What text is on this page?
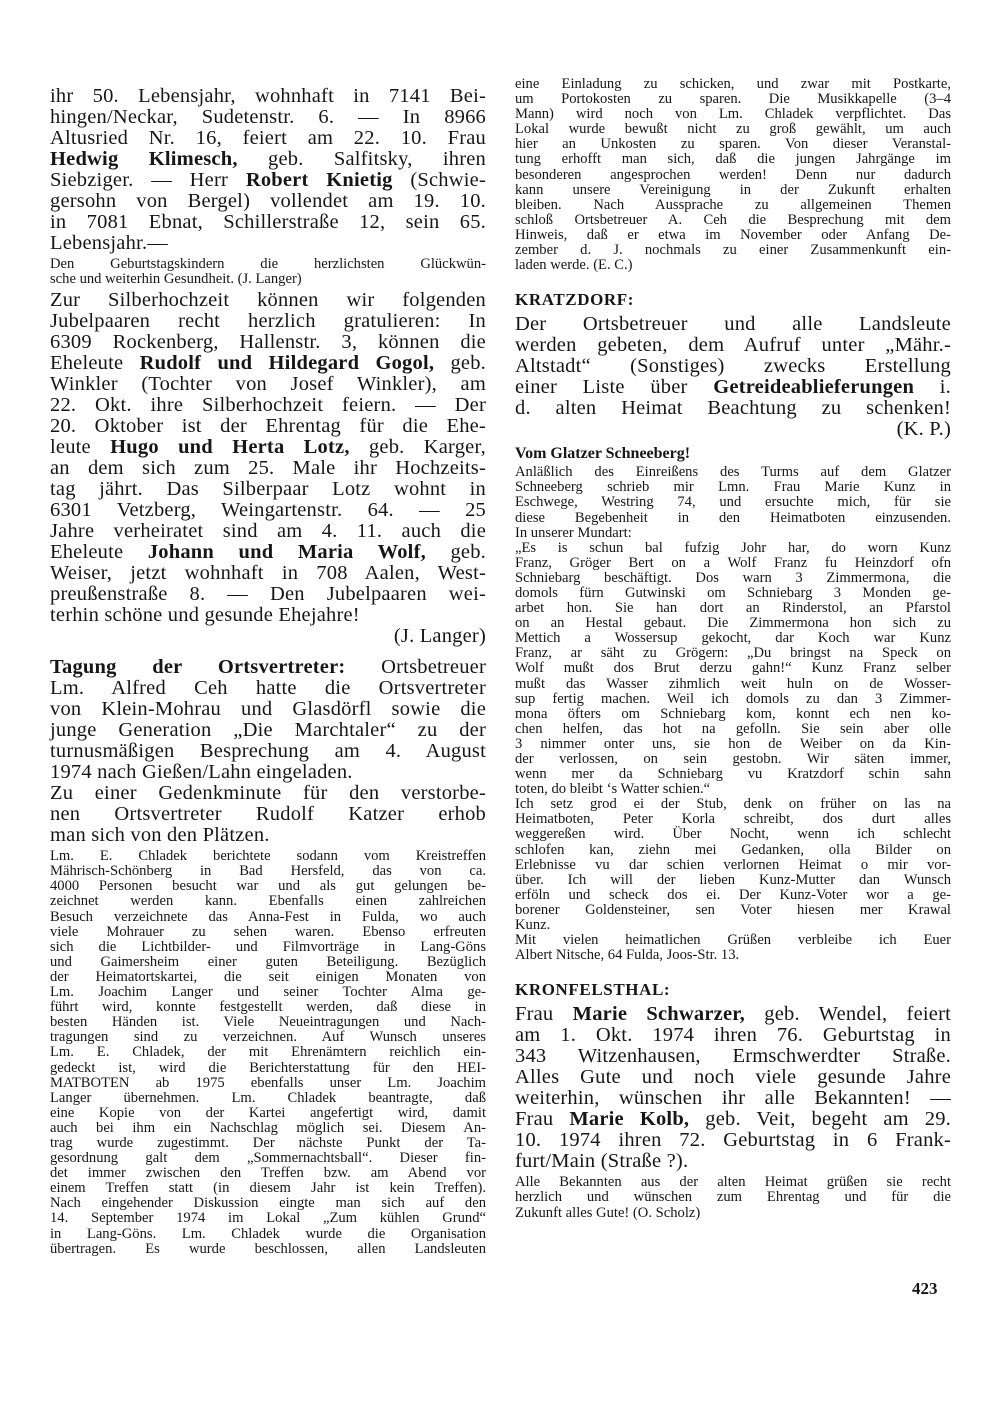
ihr 50. Lebensjahr, wohnhaft in 7141 Bei-
hingen/Neckar, Sudetenstr. 6. — In 8966
Altusried Nr. 16, feiert am 22. 10. Frau
Hedwig Klimesch, geb. Salfitsky, ihren
Siebziger. — Herr Robert Knietig (Schwie-
gersohn von Bergel) vollendet am 19. 10.
in 7081 Ebnat, Schillerstraße 12, sein 65.
Lebensjahr.—
Den Geburtstagskindern die herzlichsten Glückwün-
sche und weiterhin Gesundheit. (J. Langer)
Zur Silberhochzeit können wir folgenden
Jubelpaaren recht herzlich gratulieren: In
6309 Rockenberg, Hallenstr. 3, können die
Eheleute Rudolf und Hildegard Gogol, geb.
Winkler (Tochter von Josef Winkler), am
22. Okt. ihre Silberhochzeit feiern. — Der
20. Oktober ist der Ehrentag für die Ehe-
leute Hugo und Herta Lotz, geb. Karger,
an dem sich zum 25. Male ihr Hochzeits-
tag jährt. Das Silberpaar Lotz wohnt in
6301 Vetzberg, Weingartenstr. 64. — 25
Jahre verheiratet sind am 4. 11. auch die
Eheleute Johann und Maria Wolf, geb.
Weiser, jetzt wohnhaft in 708 Aalen, West-
preußenstraße 8. — Den Jubelpaaren wei-
terhin schöne und gesunde Ehejahre!
(J. Langer)
Tagung der Ortsvertreter: Ortsbetreuer
Lm. Alfred Ceh hatte die Ortsvertreter
von Klein-Mohrau und Glasdörfl sowie die
junge Generation „Die Marchtaler“ zu der
turnusmäßigen Besprechung am 4. August
1974 nach Gießen/Lahn eingeladen.
Zu einer Gedenkminute für den verstorbe-
nen Ortsvertreter Rudolf Katzer erhob
man sich von den Plätzen.
Lm. E. Chladek berichtete sodann vom Kreistreffen
Mährisch-Schönberg in Bad Hersfeld, das von ca.
4000 Personen besucht war und als gut gelungen be-
zeichnet werden kann. Ebenfalls einen zahlreichen
Besuch verzeichnete das Anna-Fest in Fulda, wo auch
viele Mohrauer zu sehen waren. Ebenso erfreuten
sich die Lichtbilder- und Filmvorträge in Lang-Göns
und Gaimersheim einer guten Beteiligung. Bezüglich
der Heimatortskartei, die seit einigen Monaten von
Lm. Joachim Langer und seiner Tochter Alma ge-
führt wird, konnte festgestellt werden, daß diese in
besten Händen ist. Viele Neueintragungen und Nach-
tragungen sind zu verzeichnen. Auf Wunsch unseres
Lm. E. Chladek, der mit Ehrenämtern reichlich ein-
gedeckt ist, wird die Berichterstattung für den HEI-
MATBOTEN ab 1975 ebenfalls unser Lm. Joachim
Langer übernehmen. Lm. Chladek beantragte, daß
eine Kopie von der Kartei angefertigt wird, damit
auch bei ihm ein Nachschlag möglich sei. Diesem An-
trag wurde zugestimmt. Der nächste Punkt der Ta-
gesordnung galt dem „Sommernachtsball“. Dieser fin-
det immer zwischen den Treffen bzw. am Abend vor
einem Treffen statt (in diesem Jahr ist kein Treffen).
Nach eingehender Diskussion eingte man sich auf den
14. September 1974 im Lokal „Zum kühlen Grund“
in Lang-Göns. Lm. Chladek wurde die Organisation
übertragen. Es wurde beschlossen, allen Landsleuten
eine Einladung zu schicken, und zwar mit Postkarte,
um Portokosten zu sparen. Die Musikkapelle (3–4
Mann) wird noch von Lm. Chladek verpflichtet. Das
Lokal wurde bewußt nicht zu groß gewählt, um auch
hier an Unkosten zu sparen. Von dieser Veranstal-
tung erhofft man sich, daß die jungen Jahrgänge im
besonderen angesprochen werden! Denn nur dadurch
kann unsere Vereinigung in der Zukunft erhalten
bleiben. Nach Aussprache zu allgemeinen Themen
schloß Ortsbetreuer A. Ceh die Besprechung mit dem
Hinweis, daß er etwa im November oder Anfang De-
zember d. J. nochmals zu einer Zusammenkunft ein-
laden werde. (E. C.)
KRATZDORF:
Der Ortsbetreuer und alle Landsleute
werden gebeten, dem Aufruf unter „Mähr.-
Altstadt“ (Sonstiges) zwecks Erstellung
einer Liste über Getreideablieferungen i.
d. alten Heimat Beachtung zu schenken!
(K. P.)
Vom Glatzer Schneeberg!
Anläßlich des Einreißens des Turms auf dem Glatzer
Schneeberg schrieb mir Lmn. Frau Marie Kunz in
Eschwege, Westring 74, und ersuchte mich, für sie
diese Begebenheit in den Heimatboten einzusenden.
In unserer Mundart:
„Es is schun bal fufzig Johr har, do worn Kunz
Franz, Gröger Bert on a Wolf Franz fu Heinzdorf ofn
Schniebarg beschäftigt. Dos warn 3 Zimmermona, die
domols fürn Gutwinski om Schniebarg 3 Monden ge-
arbet hon. Sie han dort an Rinderstol, an Pfarstol
on an Hestal gebaut. Die Zimmermona hon sich zu
Mettich a Wossersup gekocht, dar Koch war Kunz
Franz, ar säht zu Grögern: „Du bringst na Speck on
Wolf mußt dos Brut derzu gahn!“ Kunz Franz selber
mußt das Wasser zihmlich weit huln on de Wosser-
sup fertig machen. Weil ich domols zu dan 3 Zimmer-
mona öfters om Schniebarg kom, konnt ech nen ko-
chen helfen, das hot na gefolln. Sie sein aber olle
3 nimmer onter uns, sie hon de Weiber on da Kin-
der verlossen, on sein gestobn. Wir säten immer,
wenn mer da Schniebarg vu Kratzdorf schin sahn
toten, do bleibt ‘s Watter schien.“
Ich setz grod ei der Stub, denk on früher on las na
Heimatboten, Peter Korla schreibt, dos durt alles
weggereßen wird. Über Nocht, wenn ich schlecht
schlofen kan, ziehn mei Gedanken, olla Bilder on
Erlebnisse vu dar schien verlornen Heimat o mir vor-
über. Ich will der lieben Kunz-Mutter dan Wunsch
erföln und scheck dos ei. Der Kunz-Voter wor a ge-
borener Goldensteiner, sen Voter hiesen mer Krawal
Kunz.
Mit vielen heimatlichen Grüßen verbleibe ich Euer
Albert Nitsche, 64 Fulda, Joos-Str. 13.
KRONFELSTHAL:
Frau Marie Schwarzer, geb. Wendel, feiert
am 1. Okt. 1974 ihren 76. Geburtstag in
343 Witzenhausen, Ermschwerdter Straße.
Alles Gute und noch viele gesunde Jahre
weiterhin, wünschen ihr alle Bekannten! —
Frau Marie Kolb, geb. Veit, begeht am 29.
10. 1974 ihren 72. Geburtstag in 6 Frank-
furt/Main (Straße ?).
Alle Bekannten aus der alten Heimat grüßen sie recht
herzlich und wünschen zum Ehrentag und für die
Zukunft alles Gute! (O. Scholz)
423
